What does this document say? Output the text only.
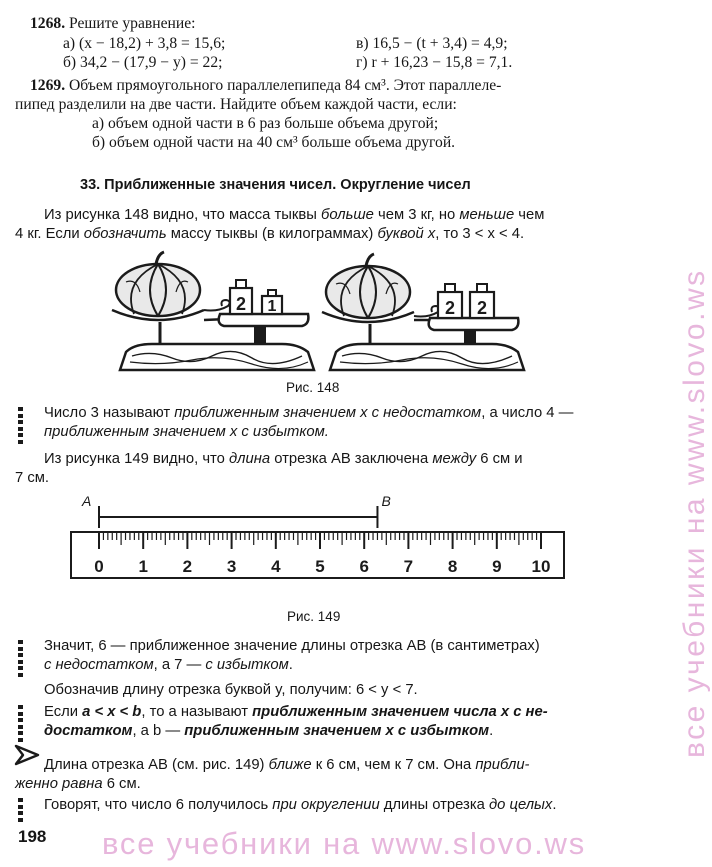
1268. Решите уравнение:
а) (x − 18,2) + 3,8 = 15,6;	в) 16,5 − (t + 3,4) = 4,9;
б) 34,2 − (17,9 − y) = 22;	г) r + 16,23 − 15,8 = 7,1.
1269. Объем прямоугольного параллелепипеда 84 см³. Этот параллеле-
пипед разделили на две части. Найдите объем каждой части, если:
а) объем одной части в 6 раз больше объема другой;
б) объем одной части на 40 см³ больше объема другой.
33. Приближенные значения чисел. Округление чисел
Из рисунка 148 видно, что масса тыквы больше чем 3 кг, но меньше чем
4 кг. Если обозначить массу тыквы (в килограммах) буквой x, то 3 < x < 4.
2 1	2 2
Рис. 148
Число 3 называют приближенным значением x с недостатком, а число 4 —
приближенным значением x с избытком.
Из рисунка 149 видно, что длина отрезка AB заключена между 6 см и
7 см.
A	B
0 1 2 3 4 5 6 7 8 9 10
Рис. 149
Значит, 6 — приближенное значение длины отрезка AB (в сантиметрах)
с недостатком, а 7 — с избытком.
Обозначив длину отрезка буквой y, получим: 6 < y < 7.
Если a < x < b, то a называют приближенным значением числа x с не-
достатком, a b — приближенным значением x с избытком.
Длина отрезка AB (см. рис. 149) ближе к 6 см, чем к 7 см. Она прибли-
женно равна 6 см.
Говорят, что число 6 получилось при округлении длины отрезка до целых.
198
все учебники на www.slovo.ws
все учебники на www.slovo.ws
